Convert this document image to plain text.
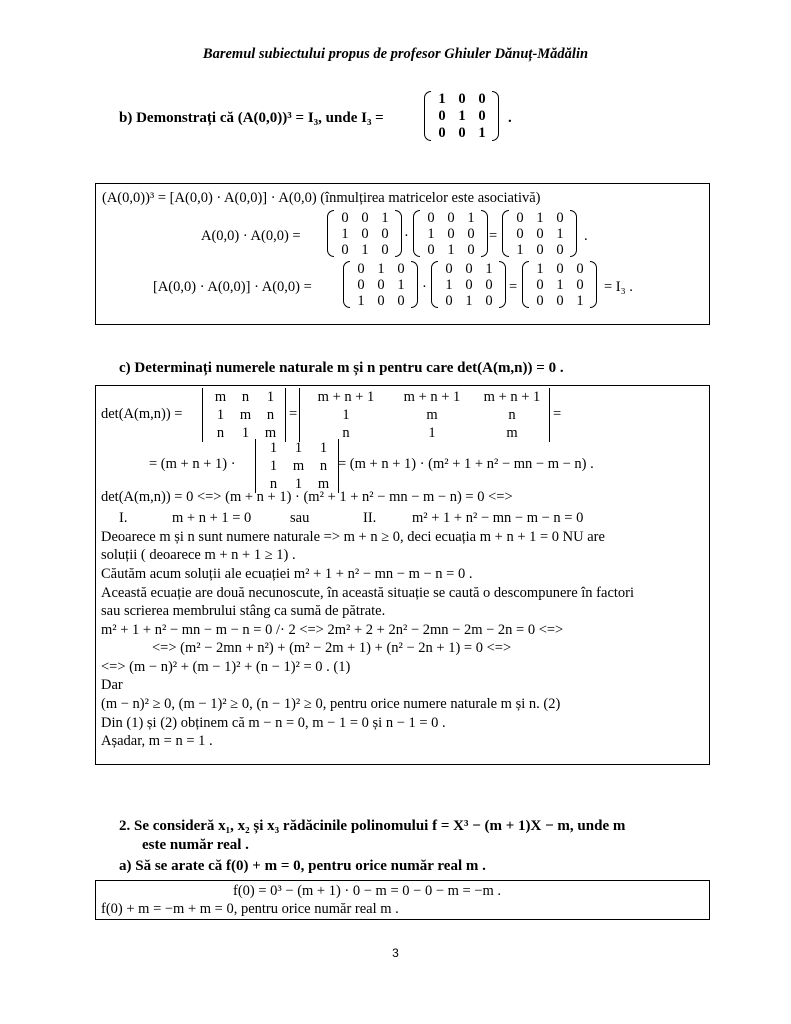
Baremul subiectului propus de profesor Ghiuler Dănuț-Mădălin
b) Demonstrați că (A(0,0))³ = I₃, unde I₃ =
1 0 0
0 1 0
0 0 1
.
(A(0,0))³ = [A(0,0) · A(0,0)] · A(0,0) (înmulțirea matricelor este asociativă)
A(0,0) · A(0,0) =
0 0 1
1 0 0
0 1 0
·
0 0 1
1 0 0
0 1 0
=
0 1 0
0 0 1
1 0 0
.
[A(0,0) · A(0,0)] · A(0,0) =
0 1 0
0 0 1
1 0 0
·
0 0 1
1 0 0
0 1 0
=
1 0 0
0 1 0
0 0 1
= I₃ .
c) Determinați numerele naturale m și n pentru care det(A(m,n)) = 0 .
det(A(m,n)) =
m	n	1
1	m	n
n	1	m
=
m + n + 1	m + n + 1	m + n + 1
1	m	n
n	1	m
=
= (m + n + 1) ·
1	1	1
1	m	n
n	1	m
= (m + n + 1) · (m² + 1 + n² − mn − m − n) .
det(A(m,n)) = 0 <=> (m + n + 1) · (m² + 1 + n² − mn − m − n) = 0 <=>
I.	m + n + 1 = 0	sau	II. m² + 1 + n² − mn − m − n = 0
Deoarece m și n sunt numere naturale => m + n ≥ 0, deci ecuația m + n + 1 = 0 NU are
soluții ( deoarece m + n + 1 ≥ 1) .
Căutăm acum soluții ale ecuației m² + 1 + n² − mn − m − n = 0 .
Această ecuație are două necunoscute, în această situație se caută o descompunere în factori
sau scrierea membrului stâng ca sumă de pătrate.
m² + 1 + n² − mn − m − n = 0 /· 2 <=> 2m² + 2 + 2n² − 2mn − 2m − 2n = 0 <=>
<=> (m² − 2mn + n²) + (m² − 2m + 1) + (n² − 2n + 1) = 0 <=>
<=> (m − n)² + (m − 1)² + (n − 1)² = 0 . (1)
Dar
(m − n)² ≥ 0, (m − 1)² ≥ 0, (n − 1)² ≥ 0, pentru orice numere naturale m și n. (2)
Din (1) și (2) obținem că m − n = 0, m − 1 = 0 și n − 1 = 0 .
Așadar, m = n = 1 .
2. Se consideră x₁, x₂ și x₃ rădăcinile polinomului f = X³ − (m + 1)X − m, unde m
este număr real .
a) Să se arate că f(0) + m = 0, pentru orice număr real m .
f(0) = 0³ − (m + 1) · 0 − m = 0 − 0 − m = −m .
f(0) + m = −m + m = 0, pentru orice număr real m .
3
